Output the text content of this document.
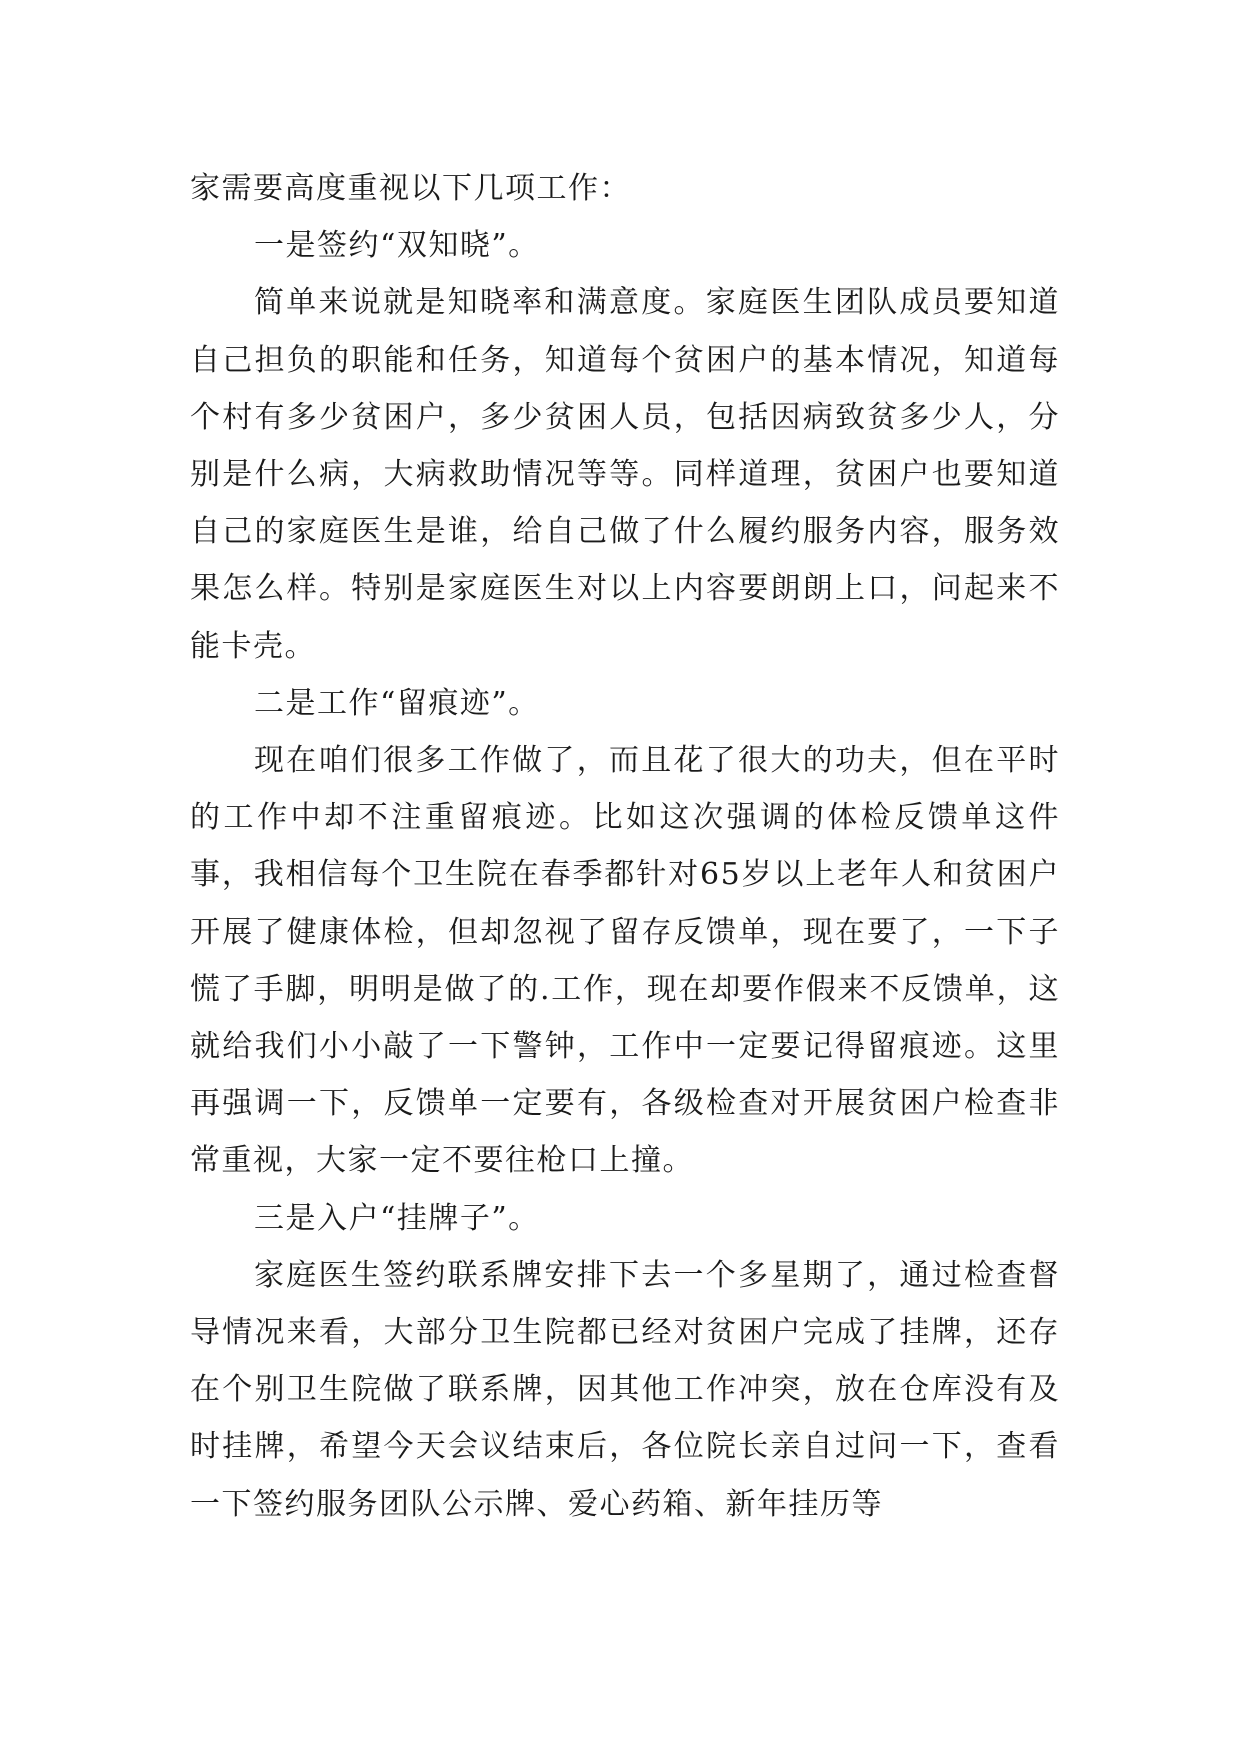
家需要高度重视以下几项工作：

一是签约“双知晓”。

简单来说就是知晓率和满意度。家庭医生团队成员要知道自己担负的职能和任务，知道每个贫困户的基本情况，知道每个村有多少贫困户，多少贫困人员，包括因病致贫多少人，分别是什么病，大病救助情况等等。同样道理，贫困户也要知道自己的家庭医生是谁，给自己做了什么履约服务内容，服务效果怎么样。特别是家庭医生对以上内容要朗朗上口，问起来不能卡壳。

二是工作“留痕迹”。

现在咱们很多工作做了，而且花了很大的功夫，但在平时的工作中却不注重留痕迹。比如这次强调的体检反馈单这件事，我相信每个卫生院在春季都针对65岁以上老年人和贫困户开展了健康体检，但却忽视了留存反馈单，现在要了，一下子慌了手脚，明明是做了的.工作，现在却要作假来不反馈单，这就给我们小小敲了一下警钟，工作中一定要记得留痕迹。这里再强调一下，反馈单一定要有，各级检查对开展贫困户检查非常重视，大家一定不要往枪口上撞。

三是入户“挂牌子”。

家庭医生签约联系牌安排下去一个多星期了，通过检查督导情况来看，大部分卫生院都已经对贫困户完成了挂牌，还存在个别卫生院做了联系牌，因其他工作冲突，放在仓库没有及时挂牌，希望今天会议结束后，各位院长亲自过问一下，查看一下签约服务团队公示牌、爱心药箱、新年挂历等
